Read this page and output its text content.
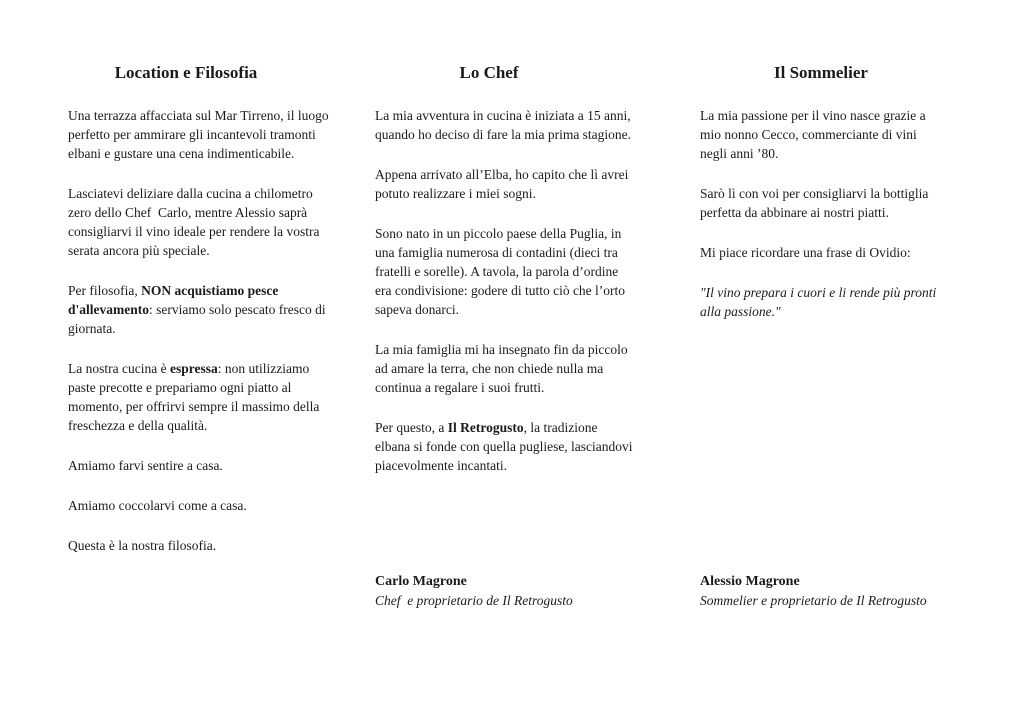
Location e Filosofia

Una terrazza affacciata sul Mar Tirreno, il luogo perfetto per ammirare gli incantevoli tramonti elbani e gustare una cena indimenticabile.

Lasciatevi deliziare dalla cucina a chilometro zero dello Chef  Carlo, mentre Alessio saprà consigliarvi il vino ideale per rendere la vostra serata ancora più speciale.

Per filosofia, NON acquistiamo pesce d'allevamento: serviamo solo pescato fresco di giornata.

La nostra cucina è espressa: non utilizziamo paste precotte e prepariamo ogni piatto al momento, per offrirvi sempre il massimo della freschezza e della qualità.

Amiamo farvi sentire a casa.

Amiamo coccolarvi come a casa.

Questa è la nostra filosofia.

Lo Chef

La mia avventura in cucina è iniziata a 15 anni, quando ho deciso di fare la mia prima stagione.

Appena arrivato all’Elba, ho capito che lì avrei potuto realizzare i miei sogni.

Sono nato in un piccolo paese della Puglia, in una famiglia numerosa di contadini (dieci tra fratelli e sorelle). A tavola, la parola d’ordine era condivisione: godere di tutto ciò che l’orto sapeva donarci.

La mia famiglia mi ha insegnato fin da piccolo ad amare la terra, che non chiede nulla ma continua a regalare i suoi frutti.

Per questo, a Il Retrogusto, la tradizione elbana si fonde con quella pugliese, lasciandovi piacevolmente incantati.

Carlo Magrone

Chef  e proprietario de Il Retrogusto

Il Sommelier

La mia passione per il vino nasce grazie a mio nonno Cecco, commerciante di vini negli anni ’80.

Sarò lì con voi per consigliarvi la bottiglia perfetta da abbinare ai nostri piatti.

Mi piace ricordare una frase di Ovidio:

"Il vino prepara i cuori e li rende più pronti alla passione."

Alessio Magrone

Sommelier e proprietario de Il Retrogusto
